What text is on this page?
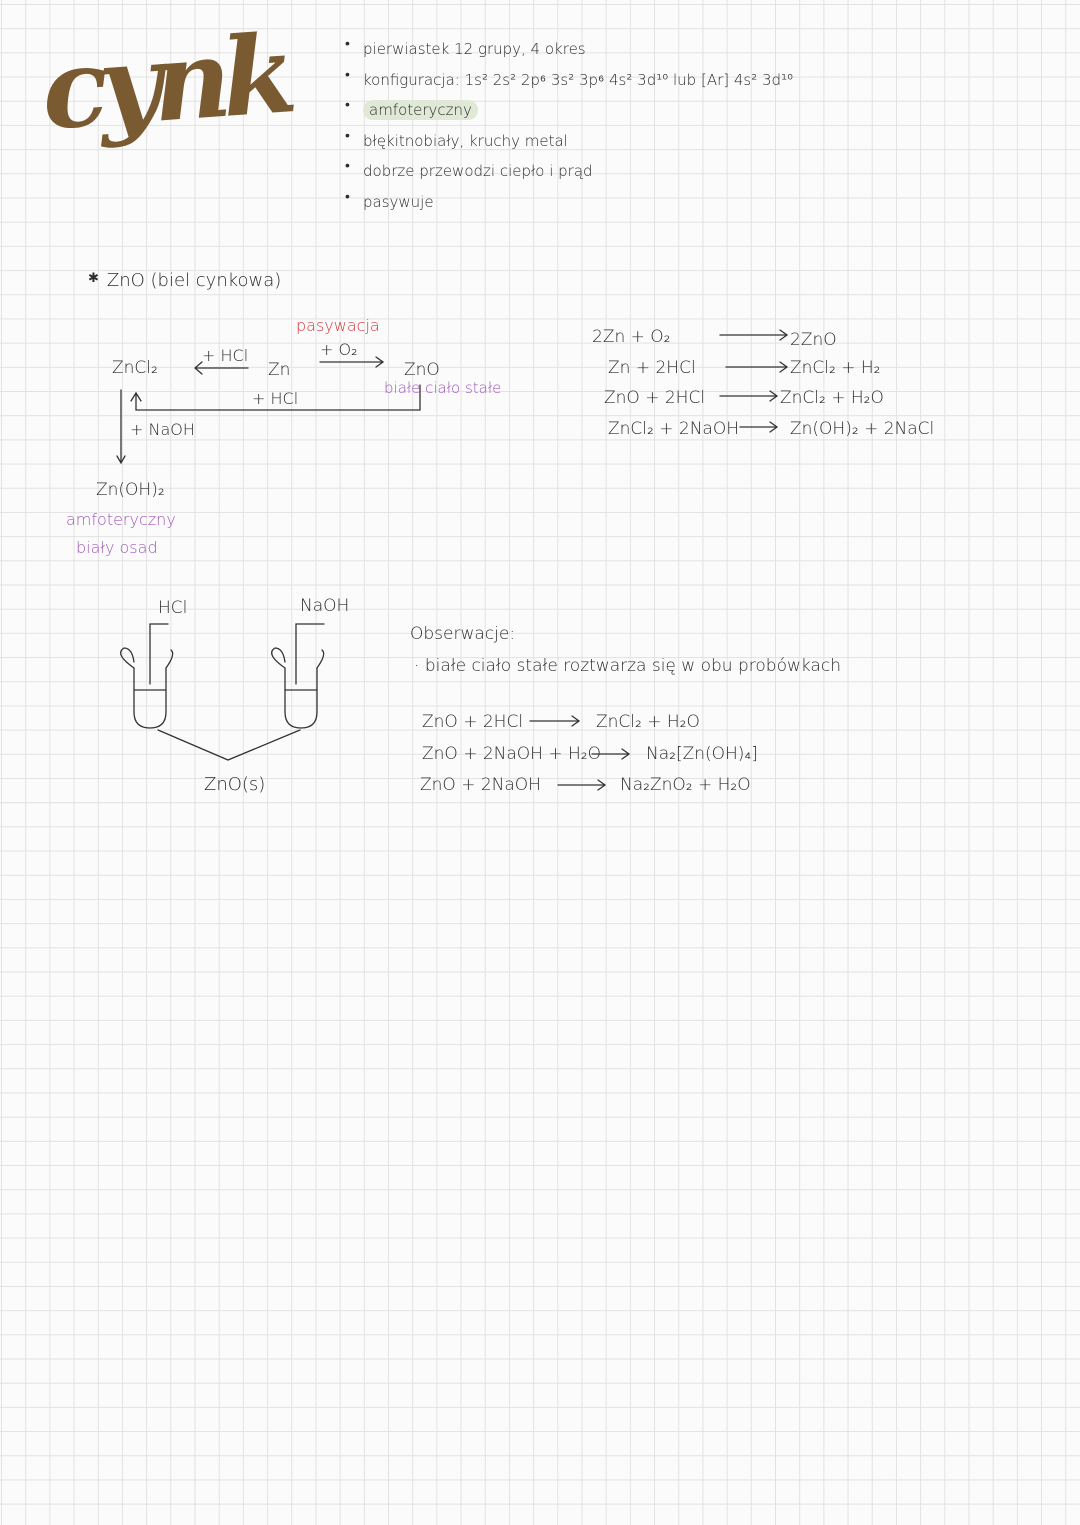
cynk	• pierwiastek 12 grupy, 4 okres
• konfiguracja: 1s² 2s² 2p⁶ 3s² 3p⁶ 4s² 3d¹⁰ lub [Ar] 4s² 3d¹⁰
• amfoteryczny
• błękitnobiały, kruchy metal
• dobrze przewodzi ciepło i prąd
• pasywuje
✱ ZnO (biel cynkowa)
ZnCl₂
+ HCl
Zn
pasywacja
+ O₂
ZnO
białe ciało stałe
+ HCl
+ NaOH
Zn(OH)₂
amfoteryczny
biały osad
2Zn + O₂	2ZnO
Zn + 2HCl	ZnCl₂ + H₂
ZnO + 2HCl	ZnCl₂ + H₂O
ZnCl₂ + 2NaOH	Zn(OH)₂ + 2NaCl
HCl	NaOH
ZnO(s)
Obserwacje:
· białe ciało stałe roztwarza się w obu probówkach
ZnO + 2HCl	ZnCl₂ + H₂O
ZnO + 2NaOH + H₂O	Na₂[Zn(OH)₄]
ZnO + 2NaOH	Na₂ZnO₂ + H₂O
